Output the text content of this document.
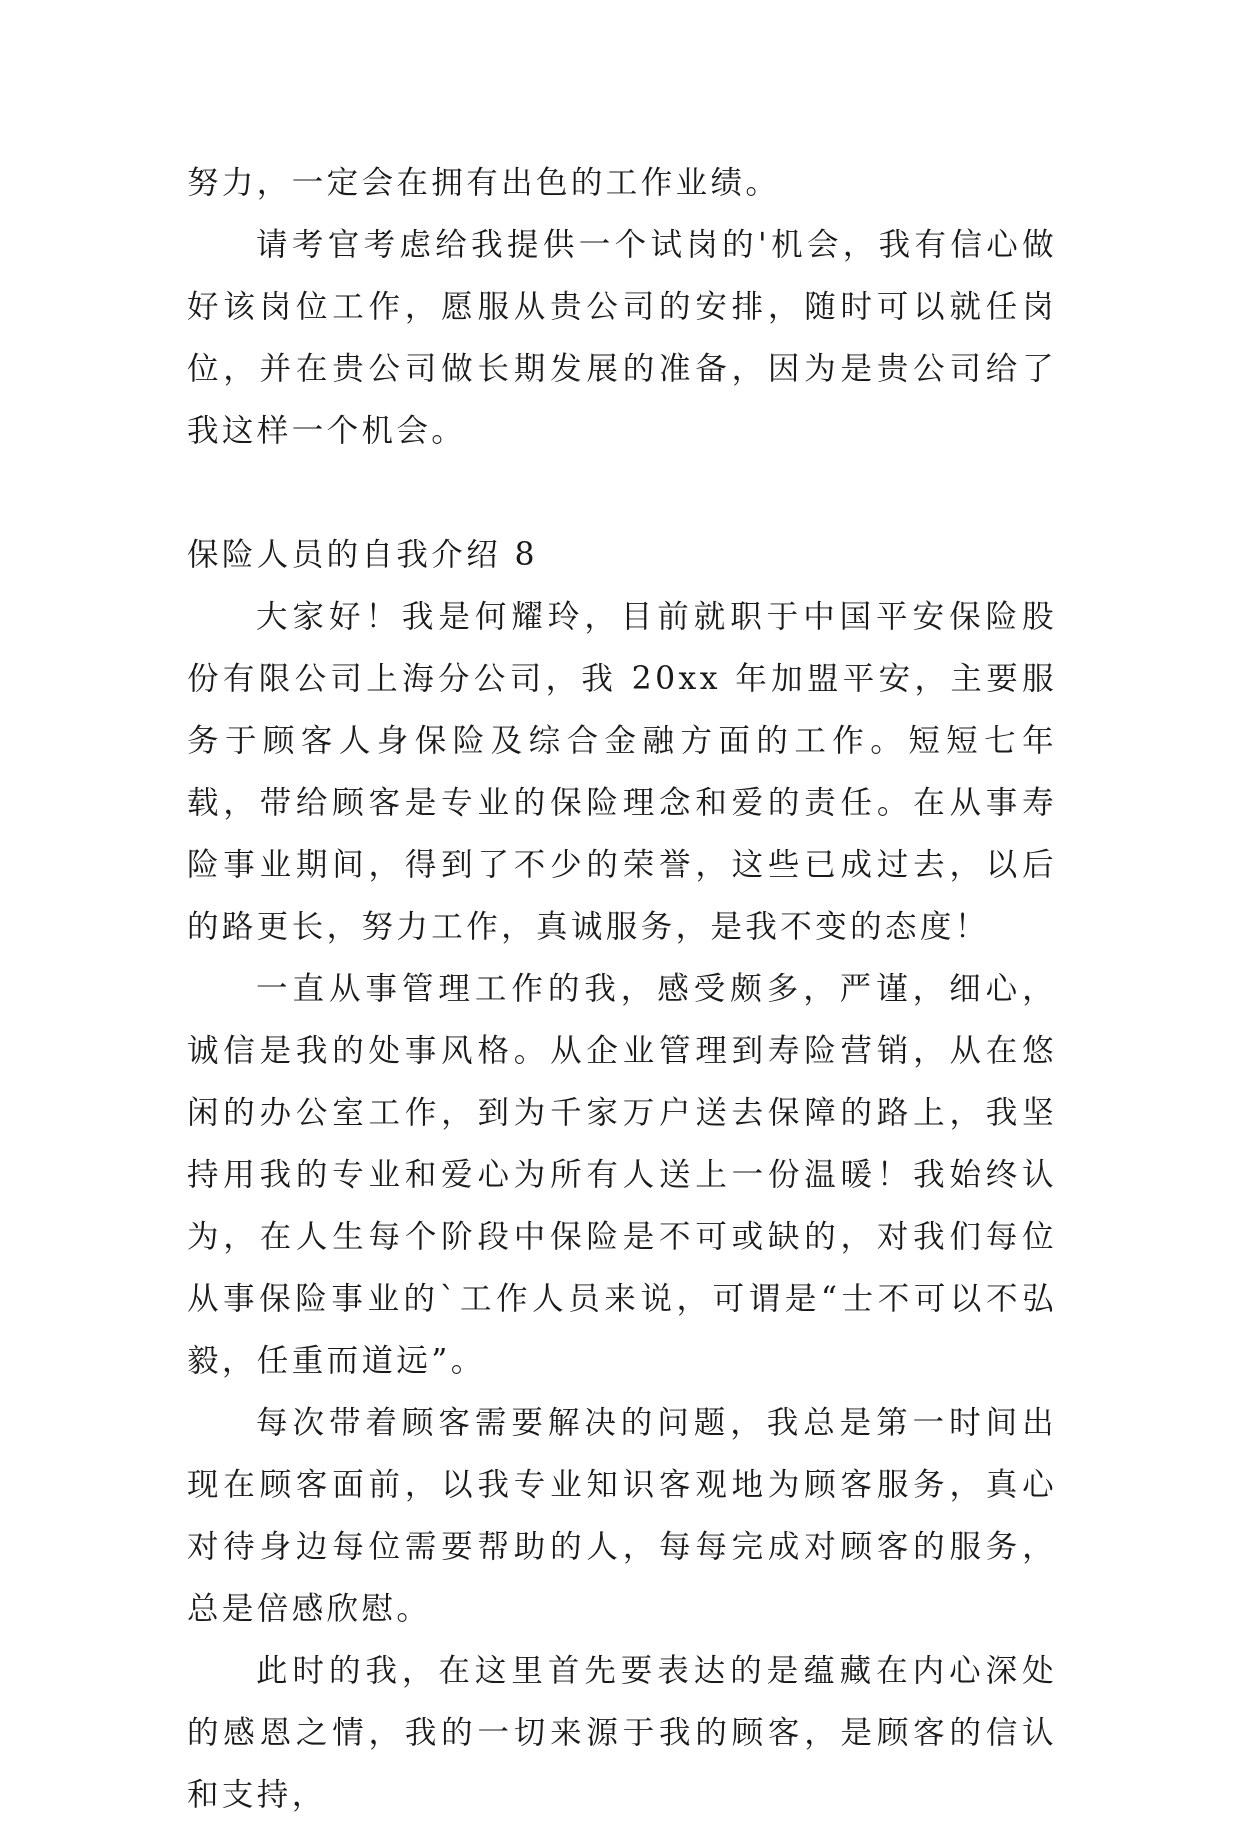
努力，一定会在拥有出色的工作业绩。

请考官考虑给我提供一个试岗的'机会，我有信心做好该岗位工作，愿服从贵公司的安排，随时可以就任岗位，并在贵公司做长期发展的准备，因为是贵公司给了我这样一个机会。

保险人员的自我介绍 8

大家好！我是何耀玲，目前就职于中国平安保险股份有限公司上海分公司，我 20xx 年加盟平安，主要服务于顾客人身保险及综合金融方面的工作。短短七年载，带给顾客是专业的保险理念和爱的责任。在从事寿险事业期间，得到了不少的荣誉，这些已成过去，以后的路更长，努力工作，真诚服务，是我不变的态度！

一直从事管理工作的我，感受颇多，严谨，细心，诚信是我的处事风格。从企业管理到寿险营销，从在悠闲的办公室工作，到为千家万户送去保障的路上，我坚持用我的专业和爱心为所有人送上一份温暖！我始终认为，在人生每个阶段中保险是不可或缺的，对我们每位从事保险事业的`工作人员来说，可谓是“士不可以不弘毅，任重而道远”。

每次带着顾客需要解决的问题，我总是第一时间出现在顾客面前，以我专业知识客观地为顾客服务，真心对待身边每位需要帮助的人，每每完成对顾客的服务，总是倍感欣慰。

此时的我，在这里首先要表达的是蕴藏在内心深处的感恩之情，我的一切来源于我的顾客，是顾客的信认和支持，
